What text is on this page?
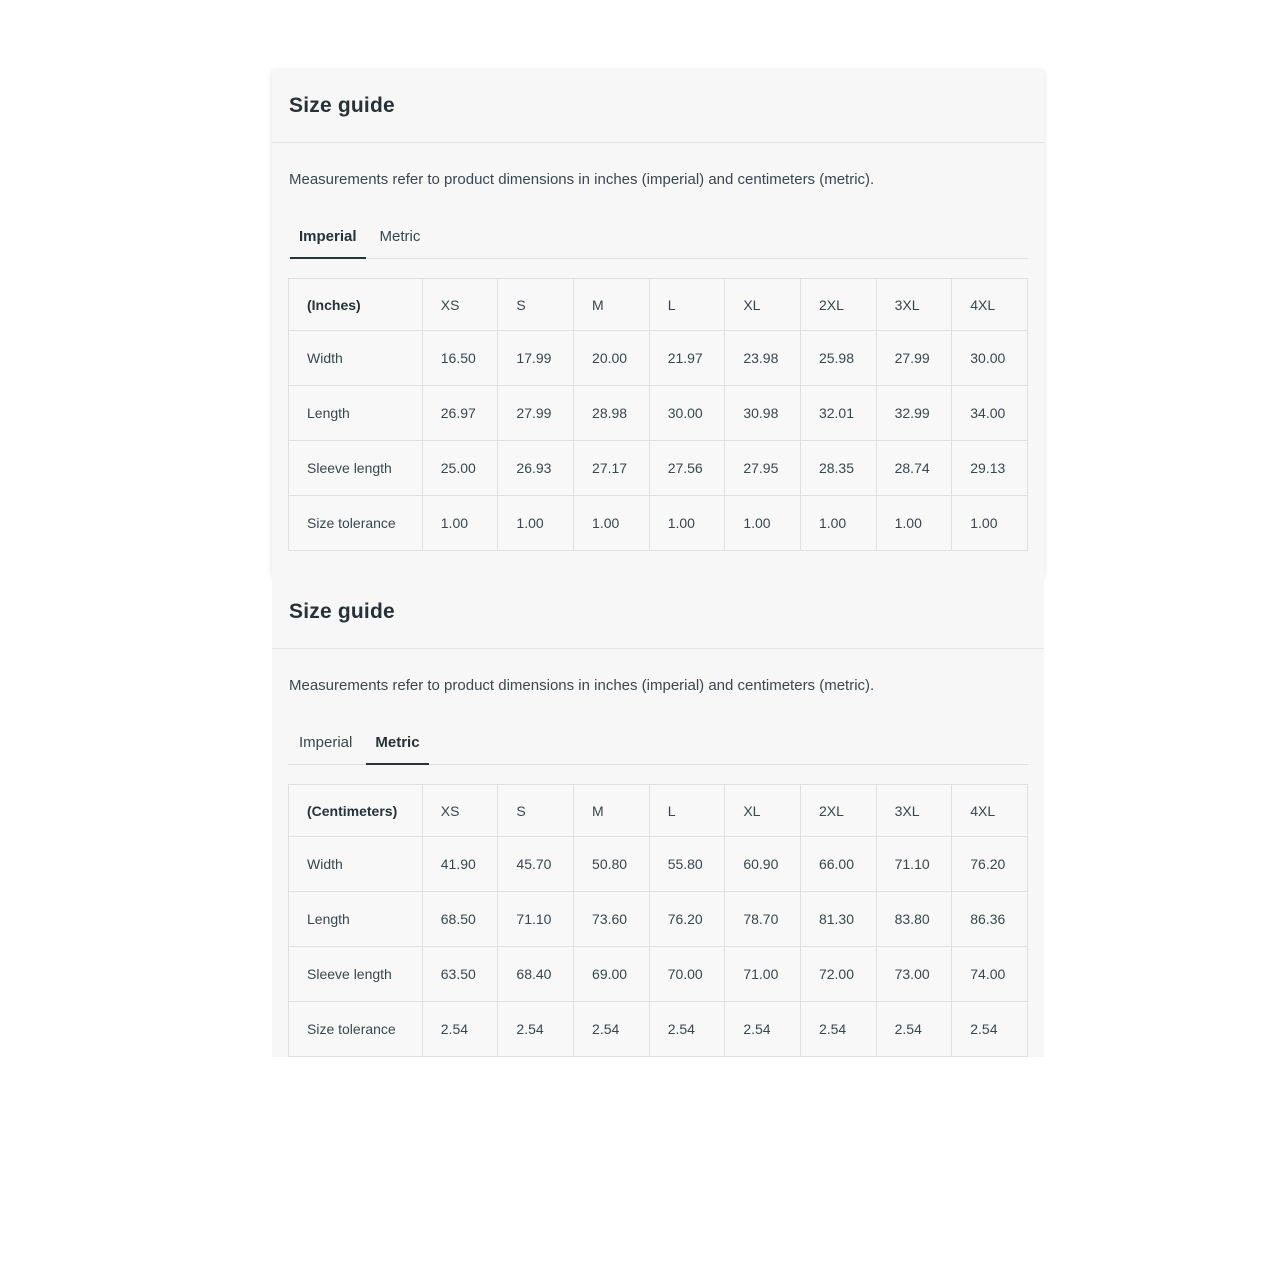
Size guide

Measurements refer to product dimensions in inches (imperial) and centimeters (metric).

Imperial	Metric
(Inches)	XS	S	M	L	XL	2XL	3XL	4XL
Width	16.50	17.99	20.00	21.97	23.98	25.98	27.99	30.00
Length	26.97	27.99	28.98	30.00	30.98	32.01	32.99	34.00
Sleeve length	25.00	26.93	27.17	27.56	27.95	28.35	28.74	29.13
Size tolerance	1.00	1.00	1.00	1.00	1.00	1.00	1.00	1.00
Size guide

Measurements refer to product dimensions in inches (imperial) and centimeters (metric).

Imperial	Metric
(Centimeters)	XS	S	M	L	XL	2XL	3XL	4XL
Width	41.90	45.70	50.80	55.80	60.90	66.00	71.10	76.20
Length	68.50	71.10	73.60	76.20	78.70	81.30	83.80	86.36
Sleeve length	63.50	68.40	69.00	70.00	71.00	72.00	73.00	74.00
Size tolerance	2.54	2.54	2.54	2.54	2.54	2.54	2.54	2.54
